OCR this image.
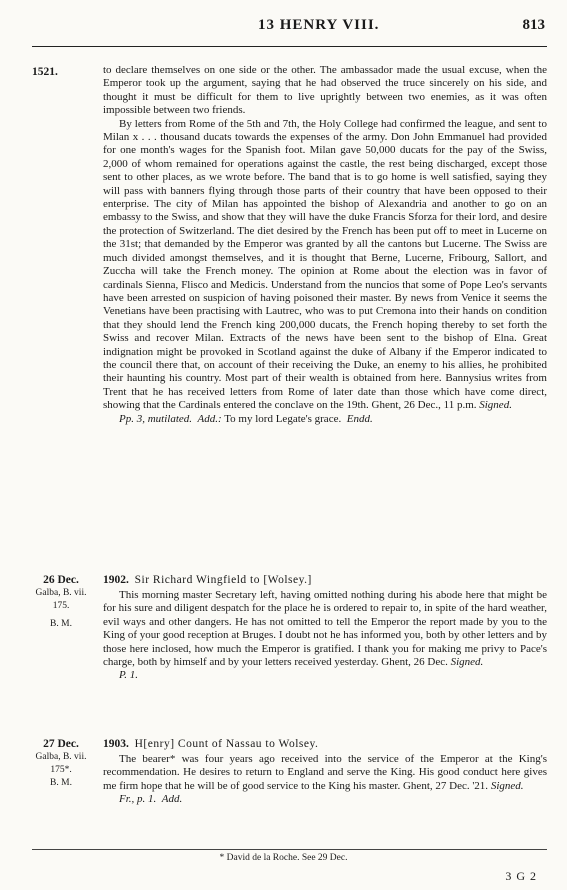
13 HENRY VIII.	813
1521.	to declare themselves on one side or the other. The ambassador made the usual excuse, when the Emperor took up the argument, saying that he had observed the truce sincerely on his side, and thought it must be difficult for them to live uprightly between two enemies, as it was often impossible between two friends.

By letters from Rome of the 5th and 7th, the Holy College had confirmed the league, and sent to Milan x . . . thousand ducats towards the expenses of the army. Don John Emmanuel had provided for one month's wages for the Spanish foot. Milan gave 50,000 ducats for the pay of the Swiss, 2,000 of whom remained for operations against the castle, the rest being discharged, except those sent to other places, as we wrote before. The band that is to go home is well satisfied, saying they will pass with banners flying through those parts of their country that have been opposed to their enterprise. The city of Milan has appointed the bishop of Alexandria and another to go on an embassy to the Swiss, and show that they will have the duke Francis Sforza for their lord, and desire the protection of Switzerland. The diet desired by the French has been put off to meet in Lucerne on the 31st; that demanded by the Emperor was granted by all the cantons but Lucerne. The Swiss are much divided amongst themselves, and it is thought that Berne, Lucerne, Fribourg, Sallort, and Zuccha will take the French money. The opinion at Rome about the election was in favor of cardinals Sienna, Flisco and Medicis. Understand from the nuncios that some of Pope Leo's servants have been arrested on suspicion of having poisoned their master. By news from Venice it seems the Venetians have been practising with Lautrec, who was to put Cremona into their hands on condition that they should lend the French king 200,000 ducats, the French hoping thereby to set forth the Swiss and recover Milan. Extracts of the news have been sent to the bishop of Elna. Great indignation might be provoked in Scotland against the duke of Albany if the Emperor indicated to the council there that, on account of their receiving the Duke, an enemy to his allies, he prohibited their haunting his country. Most part of their wealth is obtained from here. Bannysius writes from Trent that he has received letters from Rome of later date than those which have come direct, showing that the Cardinals entered the conclave on the 19th. Ghent, 26 Dec., 11 p.m. Signed.

Pp. 3, mutilated. Add.: To my lord Legate's grace. Endd.

26 Dec.
Galba, B. vii.
175.
B. M.

1902. Sir Richard Wingfield to [Wolsey.]

This morning master Secretary left, having omitted nothing during his abode here that might be for his sure and diligent despatch for the place he is ordered to repair to, in spite of the hard weather, evil ways and other dangers. He has not omitted to tell the Emperor the report made by you to the King of your good reception at Bruges. I doubt not he has informed you, both by other letters and by those here inclosed, how much the Emperor is gratified. I thank you for making me privy to Pace's charge, both by himself and by your letters received yesterday. Ghent, 26 Dec. Signed.

P. 1.

27 Dec.
Galba, B. vii.
175*.
B. M.

1903. H[enry] Count of Nassau to Wolsey.

The bearer* was four years ago received into the service of the Emperor at the King's recommendation. He desires to return to England and serve the King. His good conduct here gives me firm hope that he will be of good service to the King his master. Ghent, 27 Dec. '21. Signed.

Fr., p. 1. Add.

* David de la Roche. See 29 Dec.
3 G 2
